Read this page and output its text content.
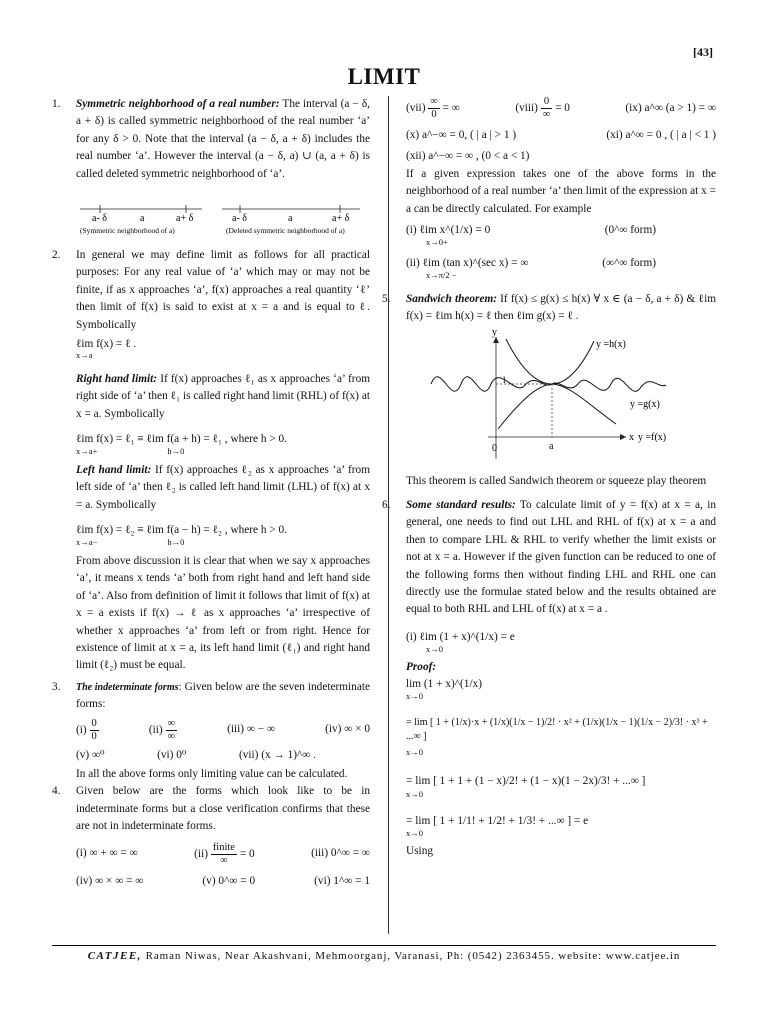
[43]
LIMIT
1. Symmetric neighborhood of a real number: The interval (a − δ, a + δ) is called symmetric neighborhood of the real number ‘a’ for any δ > 0. Note that the interval (a − δ, a + δ) includes the real number ‘a’. However the interval (a − δ, a) ∪ (a, a + δ) is called deleted symmetric neighborhood of ‘a’.
a- δ	a	a+ δ	a- δ	a	a+ δ
(Symmetric neighborhood of a)	(Deleted symmetric neighborhood of a)
2. In general we may define limit as follows for all practical purposes: For any real value of ‘a’ which may or may not be finite, if as x approaches ‘a’, f(x) approaches a real quantity ‘ℓ’ then limit of f(x) is said to exist at x = a and is equal to ℓ. Symbolically

ℓim f(x) = ℓ .

x→a

Right hand limit: If f(x) approaches ℓ₁ as x approaches ‘a’ from right side of ‘a’ then ℓ₁ is called right hand limit (RHL) of f(x) at x = a. Symbolically

ℓim f(x) = ℓ₁ ≡ ℓim f(a + h) = ℓ₁ , where h > 0.

x→a+	h→0

Left hand limit: If f(x) approaches ℓ₂ as x approaches ‘a’ from left side of ‘a’ then ℓ₂ is called left hand limit (LHL) of f(x) at x = a. Symbolically

ℓim f(x) = ℓ₂ ≡ ℓim f(a − h) = ℓ₂ , where h > 0.

x→a−	h→0

From above discussion it is clear that when we say x approaches ‘a’, it means x tends ‘a’ both from right hand and left hand side of ‘a’. Also from definition of limit it follows that limit of f(x) at x = a exists if f(x) → ℓ as x approaches ‘a’ irrespective of whether x approaches ‘a’ from left or from right. Hence for existence of limit at x = a, its left hand limit (ℓ₁) and right hand limit (ℓ₂) must be equal.

3. The indeterminate forms: Given below are the seven indeterminate forms:
$(i) \frac{0}{0}$	$(ii) \frac{\infty}{\infty}$	(iii) ∞ − ∞	(iv) ∞ × 0
(v) ∞⁰	(vi) 0⁰	(vii) (x → 1)^∞ .

In all the above forms only limiting value can be calculated.

4. Given below are the forms which look like to be in indeterminate forms but a close verification confirms that these are not in indeterminate forms.

(i) ∞ + ∞ = ∞	$(ii) \frac{\text{finite}}{\infty} = 0$	(iii) 0^∞ = ∞
(iv) ∞ × ∞ = ∞	(v) 0^∞ = 0	(vi) 1^∞ = 1
$(vii) \frac{\infty}{0}$ = ∞	(viii) $\frac{0}{\infty} = 0$	(ix) a^∞ (a > 1) = ∞
(x) a^−∞ = 0, ( | a | > 1 )	(xi) a^∞ = 0 , ( | a | < 1 )

(xii) a^−∞ = ∞ , (0 < a < 1)

If a given expression takes one of the above forms in the neighborhood of a real number ‘a’ then limit of the expression at x = a can be directly calculated. For example

(i) ℓim x^(1/x) = 0	(0^∞ form)

x→0+

(ii) ℓim (tan x)^(sec x) = ∞	(∞^∞ form)

x→π/2 −

5. Sandwich theorem: If f(x) ≤ g(x) ≤ h(x) ∀ x ∈ (a − δ, a + δ) & ℓim f(x) = ℓim h(x) = ℓ then ℓim g(x) = ℓ .
y
0	a
l
x y =f(x)
y =h(x)
y =g(x)

This theorem is called Sandwich theorem or squeeze play theorem

6. Some standard results: To calculate limit of y = f(x) at x = a, in general, one needs to find out LHL and RHL of f(x) at x = a and then to compare LHL & RHL to verify whether the limit exists or not at x = a. However if the given function can be reduced to one of the following forms then without finding LHL and RHL one can directly use the formulae stated below and the results obtained are equal to both RHL and LHL of f(x) at x = a .

(i) ℓim (1 + x)^(1/x) = e

x→0

Proof:

lim (1 + x)^(1/x)

x→0

= lim [ 1 + (1/x)·x + (1/x)(1/x − 1)/2! · x² + (1/x)(1/x − 1)(1/x − 2)/3! · x³ + ...∞ ]

x→0

= lim [ 1 + 1 + (1 − x)/2! + (1 − x)(1 − 2x)/3! + ...∞ ]

x→0

= lim [ 1 + 1/1! + 1/2! + 1/3! + ...∞ ] = e

x→0

Using

CATJEE, Raman Niwas, Near Akashvani, Mehmoorganj, Varanasi, Ph: (0542) 2363455. website: www.catjee.in
